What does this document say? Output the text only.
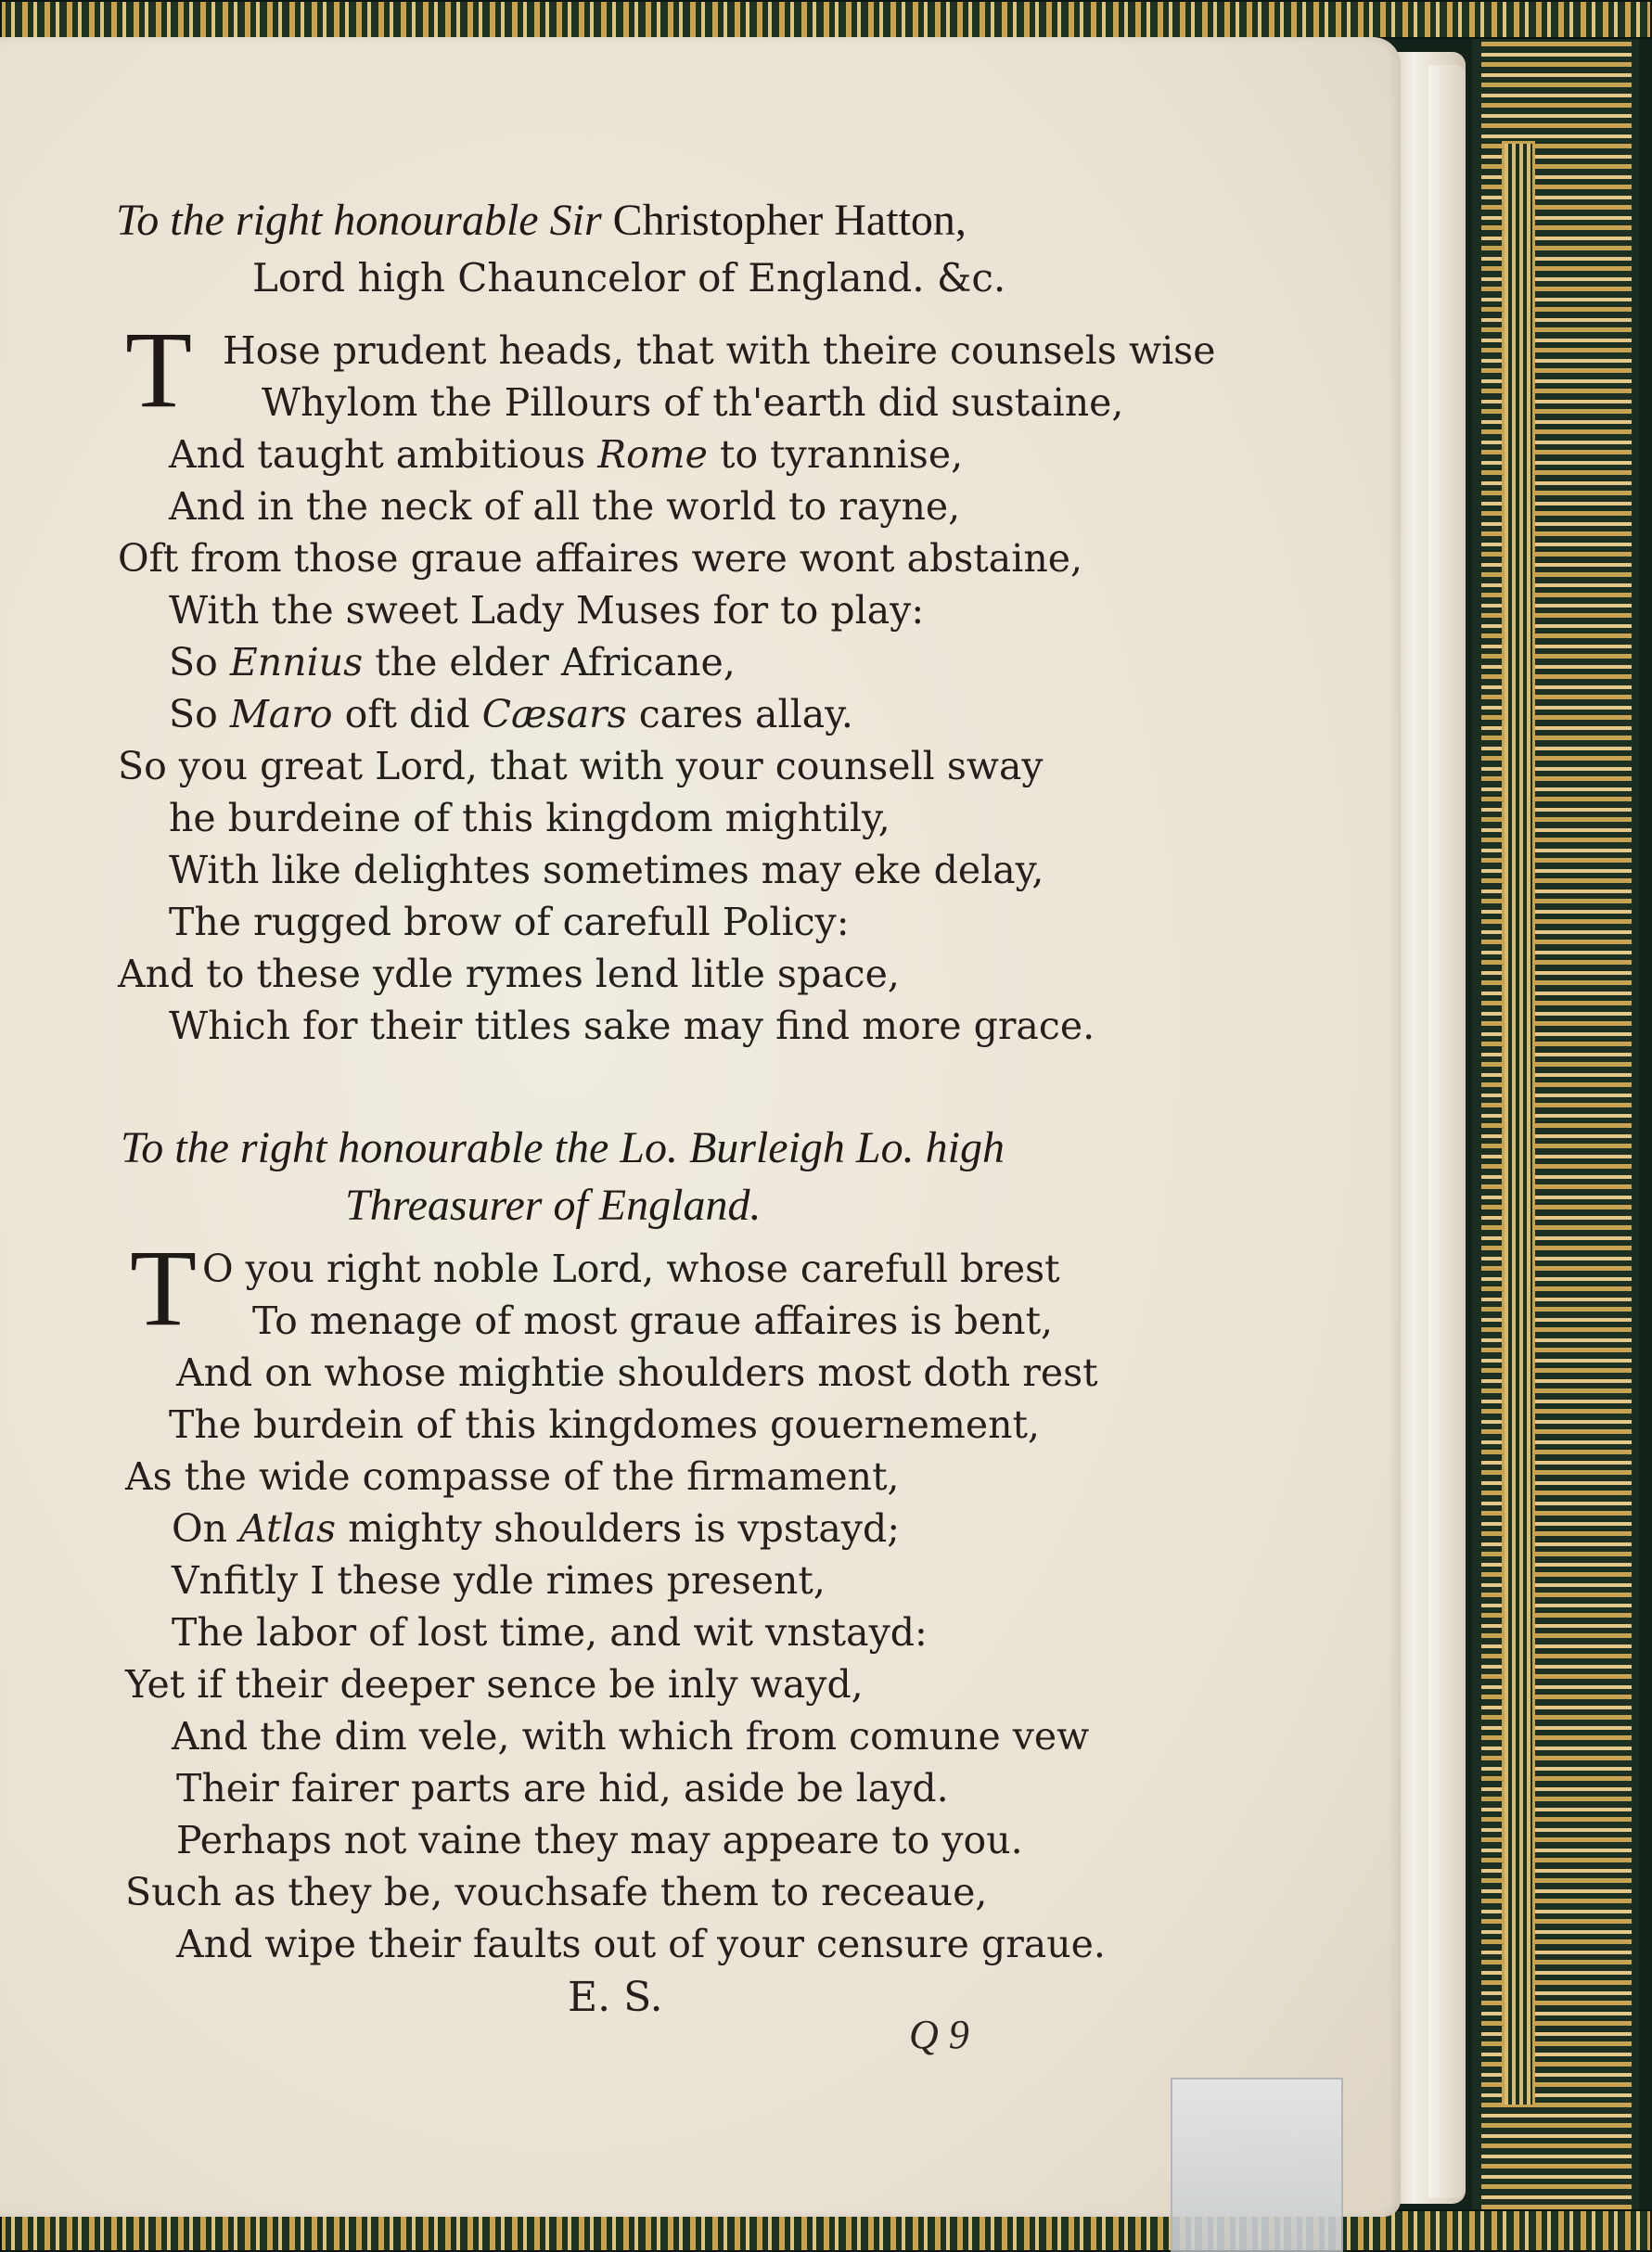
To the right honourable Sir Christopher Hatton,
Lord high Chauncelor of England. &c.
T Hose prudent heads, that with theire counsels wise
Whylom the Pillours of th'earth did sustaine,
And taught ambitious Rome to tyrannise,
And in the neck of all the world to rayne,
Oft from those graue affaires were wont abstaine,
With the sweet Lady Muses for to play:
So Ennius the elder Africane,
So Maro oft did Cæsars cares allay.
So you great Lord, that with your counsell sway
he burdeine of this kingdom mightily,
With like delightes sometimes may eke delay,
The rugged brow of carefull Policy:
And to these ydle rymes lend litle space,
Which for their titles sake may find more grace.
To the right honourable the Lo. Burleigh Lo. high
Threasurer of England.
T O you right noble Lord, whose carefull brest
To menage of most graue affaires is bent,
And on whose mightie shoulders most doth rest
The burdein of this kingdomes gouernement,
As the wide compasse of the firmament,
On Atlas mighty shoulders is vpstayd;
Vnfitly I these ydle rimes present,
The labor of lost time, and wit vnstayd:
Yet if their deeper sence be inly wayd,
And the dim vele, with which from comune vew
Their fairer parts are hid, aside be layd.
Perhaps not vaine they may appeare to you.
Such as they be, vouchsafe them to receaue,
And wipe their faults out of your censure graue.
E. S.
Q 9
